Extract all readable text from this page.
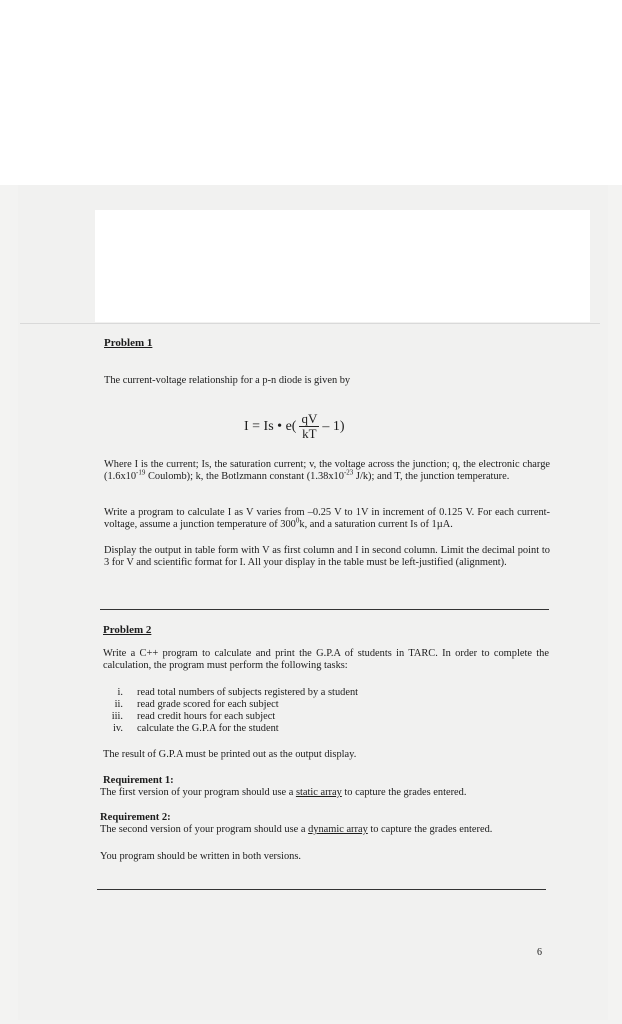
Problem 1
The current-voltage relationship for a p-n diode is given by
I = Is • $e( \frac{qV}{kT} - 1)$
Where I is the current; Is, the saturation current; v, the voltage across the junction; q, the electronic charge ($1.6x10^{-19}$ Coulomb); k, the Botlzmann constant ($1.38x10^{-23}$ J/k); and T, the junction temperature.
Write a program to calculate I as V varies from –0.25 V to 1V in increment of 0.125 V. For each current-voltage, assume a junction temperature of $300^0k$, and a saturation current Is of 1µA.
Display the output in table form with V as first column and I in second column. Limit the decimal point to 3 for V and scientific format for I. All your display in the table must be left-justified (alignment).
Problem 2
Write a C++ program to calculate and print the G.P.A of students in TARC. In order to complete the calculation, the program must perform the following tasks:
i. read total numbers of subjects registered by a student
ii. read grade scored for each subject
iii. read credit hours for each subject
iv. calculate the G.P.A for the student
The result of G.P.A must be printed out as the output display.
Requirement 1:
The first version of your program should use a static array to capture the grades entered.
Requirement 2:
The second version of your program should use a dynamic array to capture the grades entered.
You program should be written in both versions.
6
